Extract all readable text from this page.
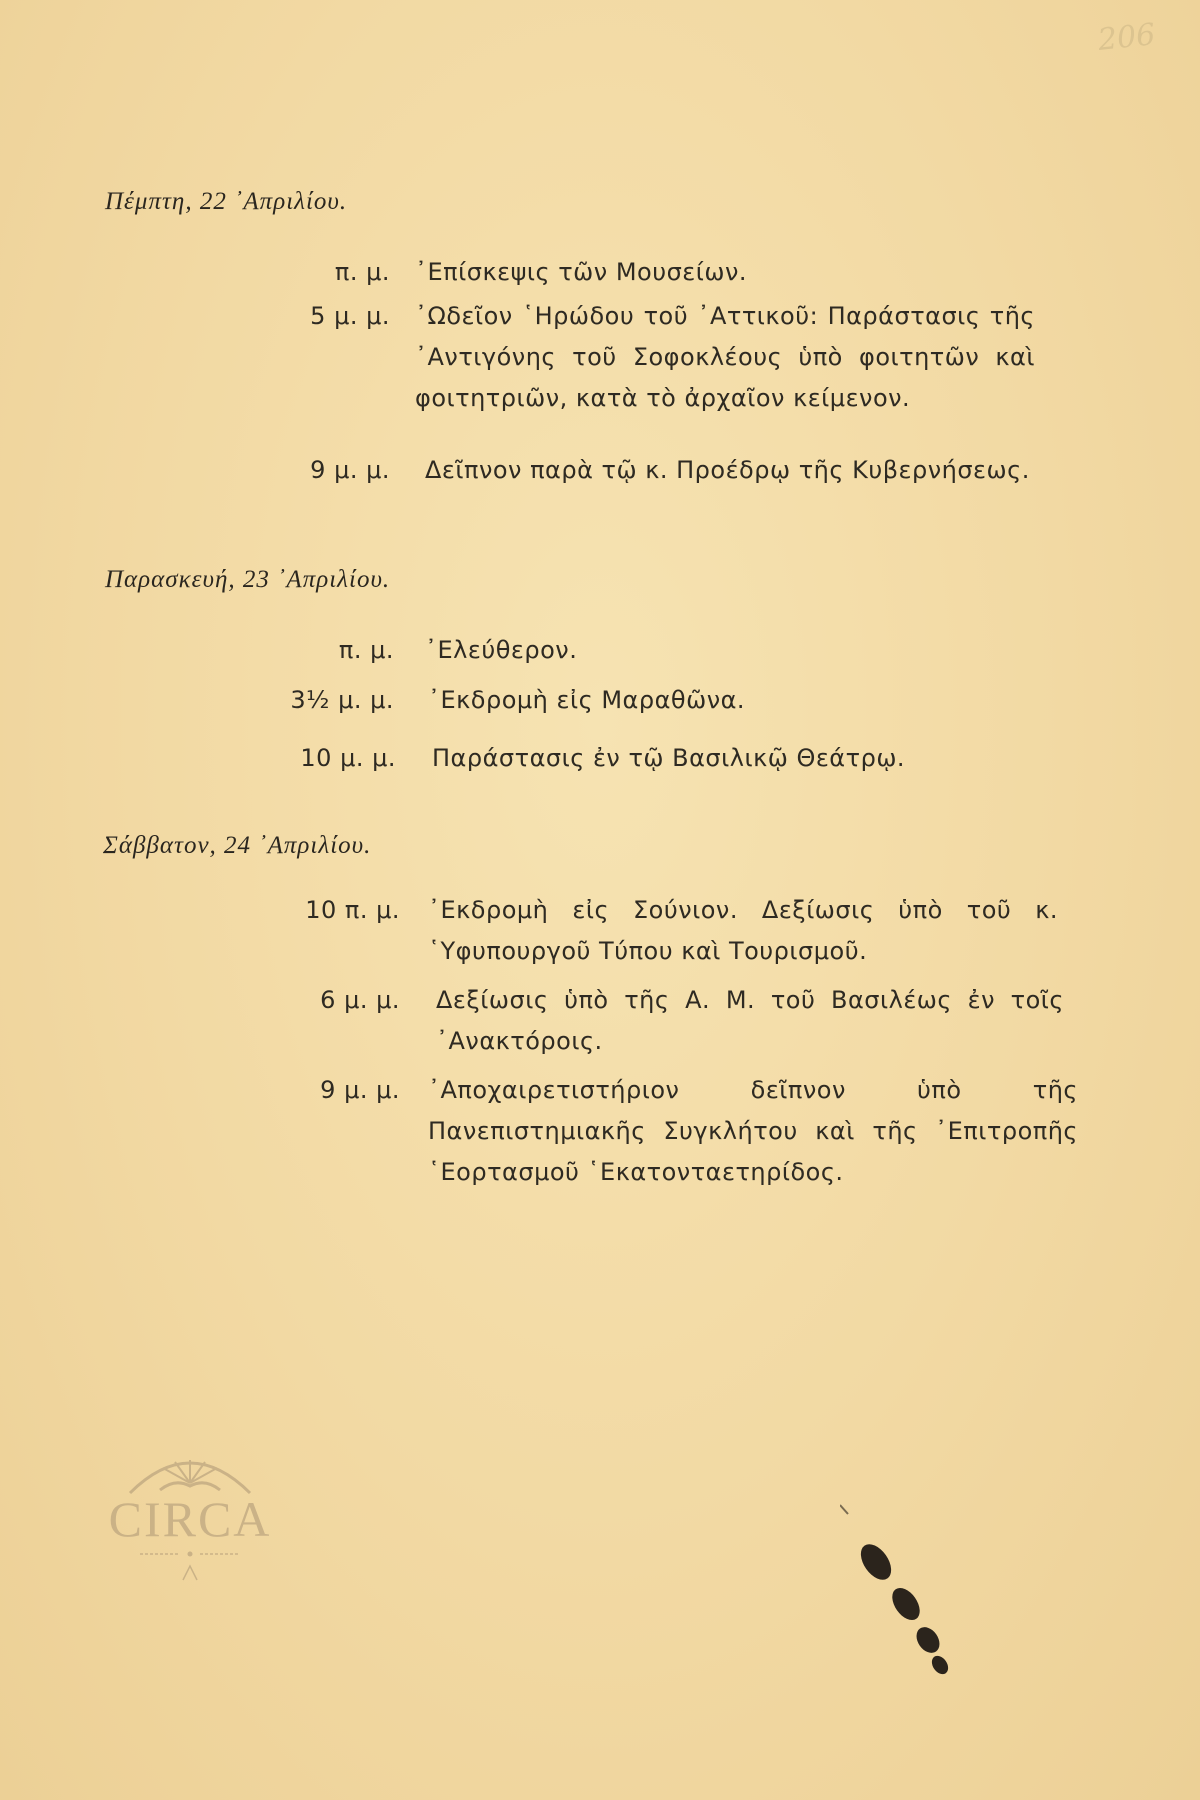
206
Πέμπτη, 22 ᾿Απριλίου.
π. μ. ᾿Επίσκεψις τῶν Μουσείων.
5 μ. μ. ᾿Ωδεῖον ῾Ηρώδου τοῦ ᾿Αττικοῦ: Παράστασις τῆς ᾿Αντιγόνης τοῦ Σοφοκλέους ὑπὸ φοιτητῶν καὶ φοιτητριῶν, κατὰ τὸ ἀρχαῖον κείμενον.
9 μ. μ. Δεῖπνον παρὰ τῷ κ. Προέδρῳ τῆς Κυβερνήσεως.
Παρασκευή, 23 ᾿Απριλίου.
π. μ. ᾿Ελεύθερον.
3½ μ. μ. ᾿Εκδρομὴ εἰς Μαραθῶνα.
10 μ. μ. Παράστασις ἐν τῷ Βασιλικῷ Θεάτρῳ.
Σάββατον, 24 ᾿Απριλίου.
10 π. μ. ᾿Εκδρομὴ εἰς Σούνιον. Δεξίωσις ὑπὸ τοῦ κ. ῾Υφυπουργοῦ Τύπου καὶ Τουρισμοῦ.
6 μ. μ. Δεξίωσις ὑπὸ τῆς Α. Μ. τοῦ Βασιλέως ἐν τοῖς ᾿Ανακτόροις.
9 μ. μ. ᾿Αποχαιρετιστήριον δεῖπνον ὑπὸ τῆς Πανεπιστημιακῆς Συγκλήτου καὶ τῆς ᾿Επιτροπῆς ῾Εορτασμοῦ ῾Εκατονταετηρίδος.
CIRCA
